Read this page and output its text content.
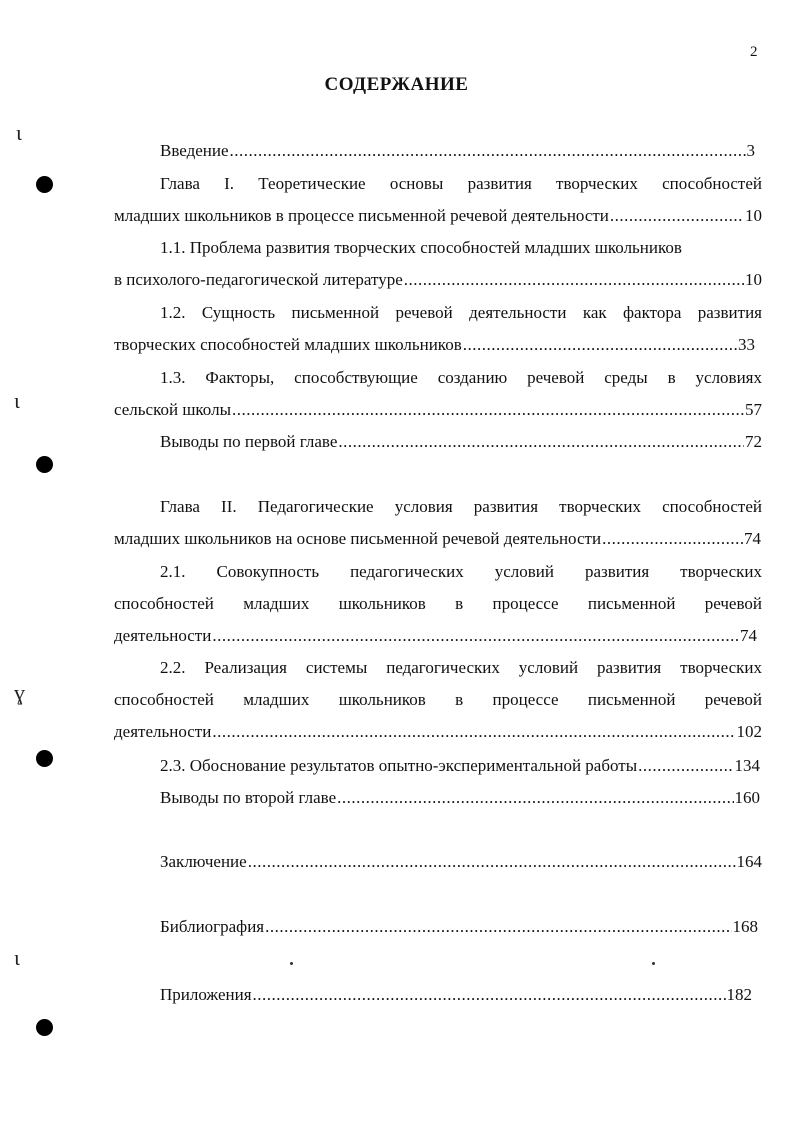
2
СОДЕРЖАНИЕ
Введение .....	3
Глава I. Теоретические основы развития творческих способностей
младших школьников в процессе письменной речевой деятельности .....	10
1.1. Проблема развития творческих способностей младших школьников
в психолого-педагогической литературе .....	10
1.2. Сущность письменной речевой деятельности как фактора развития
творческих способностей младших школьников .....	33
1.3. Факторы, способствующие созданию речевой среды в условиях
сельской школы .....	57
Выводы по первой главе .....	72
Глава II. Педагогические условия развития творческих способностей
младших школьников на основе письменной речевой деятельности .....	74
2.1. Совокупность педагогических условий развития творческих
способностей младших школьников в процессе письменной речевой
деятельности .....	74
2.2. Реализация системы педагогических условий развития творческих
способностей младших школьников в процессе письменной речевой
деятельности .....	102
2.3. Обоснование результатов опытно-экспериментальной работы .....	134
Выводы по второй главе .....	160
Заключение .....	164
Библиография .....	168
Приложения .....	182
ɩ
ɩ
ɣ
ɩ
